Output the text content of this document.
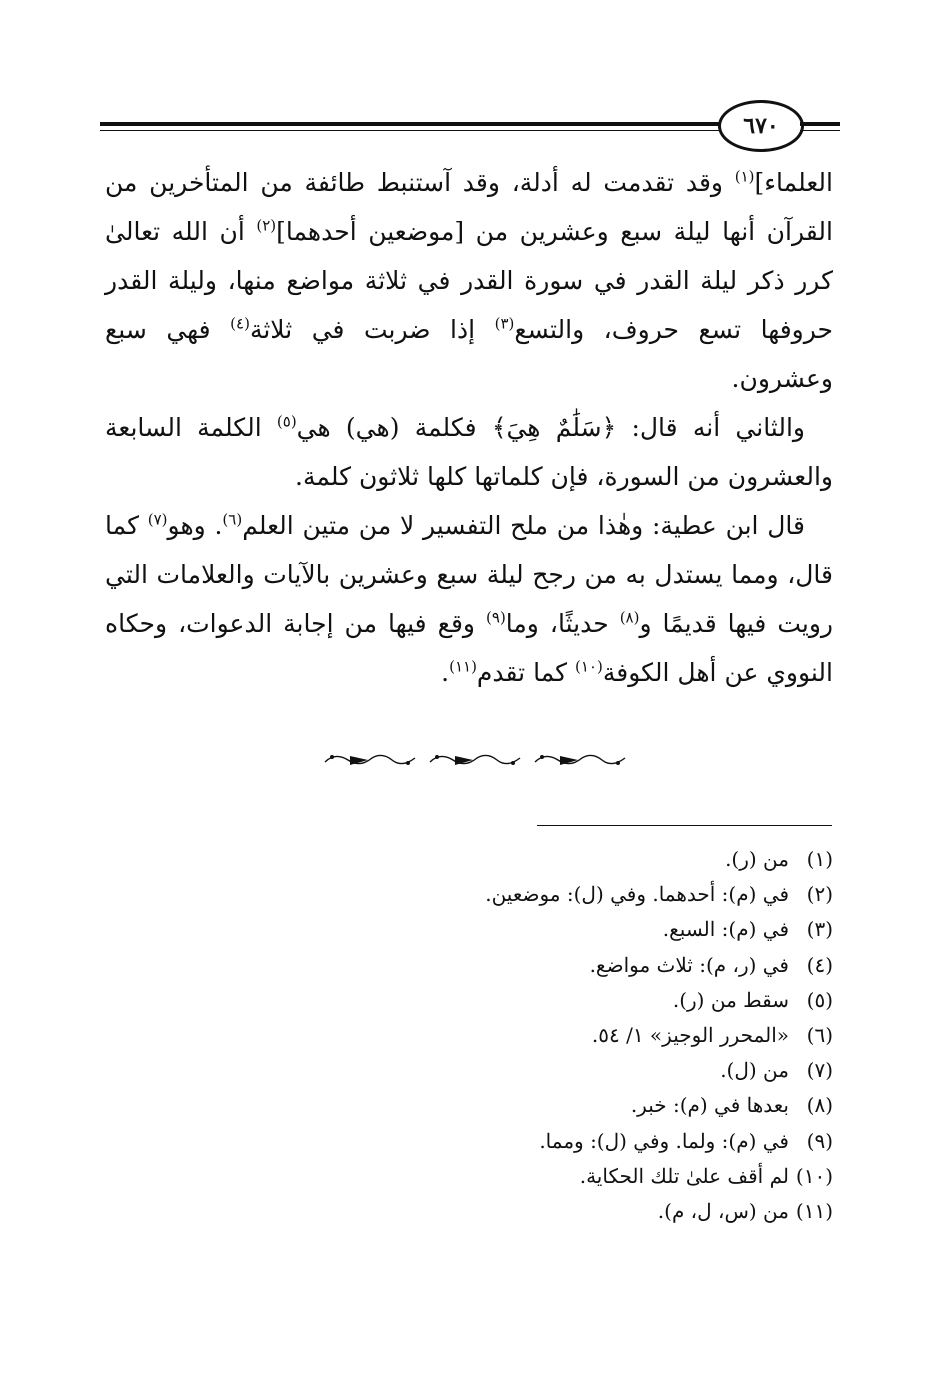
٦٧٠

العلماء]$^{(١)}$ وقد تقدمت له أدلة، وقد آستنبط طائفة من المتأخرين من القرآن أنها ليلة سبع وعشرين من [موضعين أحدهما]$^{(٢)}$ أن الله تعالىٰ كرر ذكر ليلة القدر في سورة القدر في ثلاثة مواضع منها، وليلة القدر حروفها تسع حروف، والتسع$^{(٣)}$ إذا ضربت في ثلاثة$^{(٤)}$ فهي سبع وعشرون.

والثاني أنه قال: ﴿سَلَٰمٌ هِيَ﴾ فكلمة (هي) هي$^{(٥)}$ الكلمة السابعة والعشرون من السورة، فإن كلماتها كلها ثلاثون كلمة.

قال ابن عطية: وهٰذا من ملح التفسير لا من متين العلم$^{(٦)}$. وهو$^{(٧)}$ كما قال، ومما يستدل به من رجح ليلة سبع وعشرين بالآيات والعلامات التي رويت فيها قديمًا و$^{(٨)}$ حديثًا، وما$^{(٩)}$ وقع فيها من إجابة الدعوات، وحكاه النووي عن أهل الكوفة$^{(١٠)}$ كما تقدم$^{(١١)}$.

(١)
من (ر).
(٢)
في (م): أحدهما. وفي (ل): موضعين.
(٣)
في (م): السبع.
(٤)
في (ر، م): ثلاث مواضع.
(٥)
سقط من (ر).
(٦)
«المحرر الوجيز» ١/ ٥٤.
(٧)
من (ل).
(٨)
بعدها في (م): خبر.
(٩)
في (م): ولما. وفي (ل): ومما.
(١٠)
لم أقف علىٰ تلك الحكاية.
(١١)
من (س، ل، م).
